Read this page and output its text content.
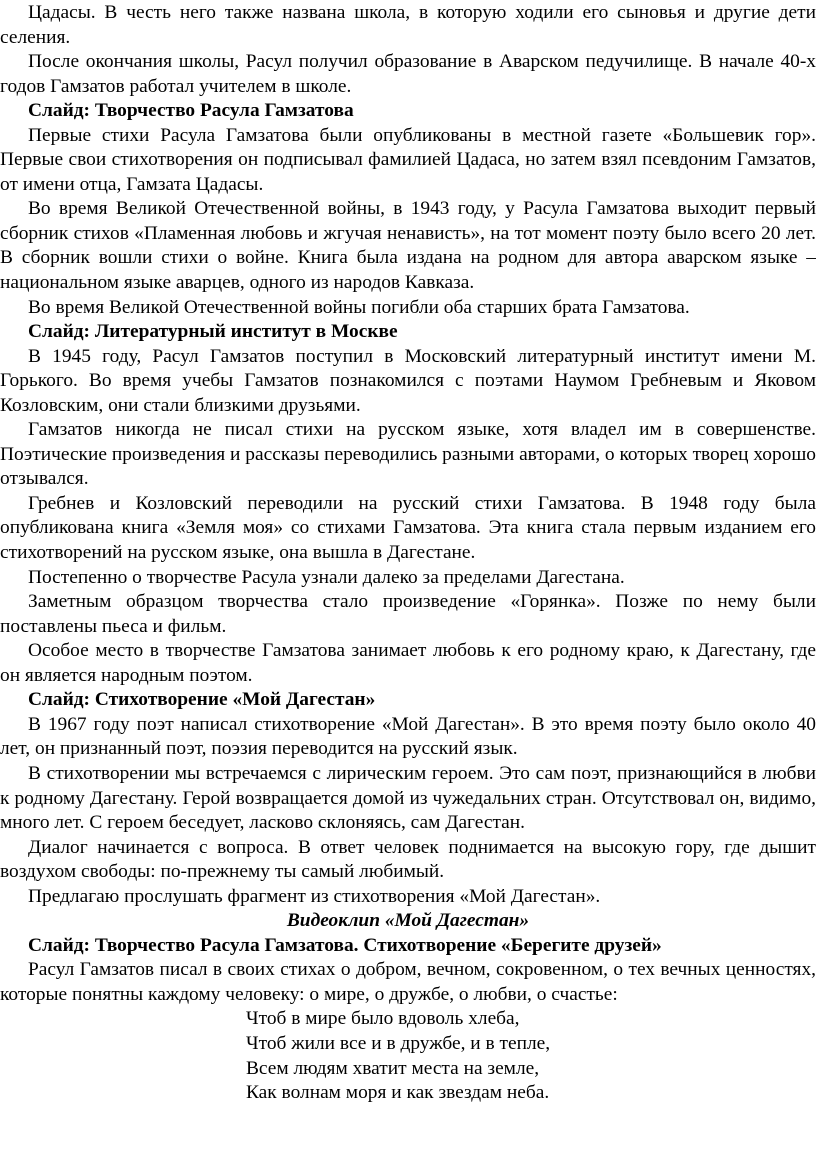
Цадасы. В честь него также названа школа, в которую ходили его сыновья и другие дети селения.

После окончания школы, Расул получил образование в Аварском педучилище. В начале 40-х годов Гамзатов работал учителем в школе.

Слайд: Творчество Расула Гамзатова

Первые стихи Расула Гамзатова были опубликованы в местной газете «Большевик гор». Первые свои стихотворения он подписывал фамилией Цадаса, но затем взял псевдоним Гамзатов, от имени отца, Гамзата Цадасы.

Во время Великой Отечественной войны, в 1943 году, у Расула Гамзатова выходит первый сборник стихов «Пламенная любовь и жгучая ненависть», на тот момент поэту было всего 20 лет. В сборник вошли стихи о войне. Книга была издана на родном для автора аварском языке – национальном языке аварцев, одного из народов Кавказа.

Во время Великой Отечественной войны погибли оба старших брата Гамзатова.

Слайд: Литературный институт в Москве

В 1945 году, Расул Гамзатов поступил в Московский литературный институт имени М. Горького. Во время учебы Гамзатов познакомился с поэтами Наумом Гребневым и Яковом Козловским, они стали близкими друзьями.

Гамзатов никогда не писал стихи на русском языке, хотя владел им в совершенстве. Поэтические произведения и рассказы переводились разными авторами, о которых творец хорошо отзывался.

Гребнев и Козловский переводили на русский стихи Гамзатова. В 1948 году была опубликована книга «Земля моя» со стихами Гамзатова. Эта книга стала первым изданием его стихотворений на русском языке, она вышла в Дагестане.

Постепенно о творчестве Расула узнали далеко за пределами Дагестана.

Заметным образцом творчества стало произведение «Горянка». Позже по нему были поставлены пьеса и фильм.

Особое место в творчестве Гамзатова занимает любовь к его родному краю, к Дагестану, где он является народным поэтом.

Слайд: Стихотворение «Мой Дагестан»

В 1967 году поэт написал стихотворение «Мой Дагестан». В это время поэту было около 40 лет, он признанный поэт, поэзия переводится на русский язык.

В стихотворении мы встречаемся с лирическим героем. Это сам поэт, признающийся в любви к родному Дагестану. Герой возвращается домой из чужедальних стран. Отсутствовал он, видимо, много лет. С героем беседует, ласково склоняясь, сам Дагестан.

Диалог начинается с вопроса. В ответ человек поднимается на высокую гору, где дышит воздухом свободы: по-прежнему ты самый любимый.

Предлагаю прослушать фрагмент из стихотворения «Мой Дагестан».

Видеоклип «Мой Дагестан»

Слайд: Творчество Расула Гамзатова. Стихотворение «Берегите друзей»

Расул Гамзатов писал в своих стихах о добром, вечном, сокровенном, о тех вечных ценностях, которые понятны каждому человеку: о мире, о дружбе, о любви, о счастье:

Чтоб в мире было вдоволь хлеба,
Чтоб жили все и в дружбе, и в тепле,
Всем людям хватит места на земле,
Как волнам моря и как звездам неба.
